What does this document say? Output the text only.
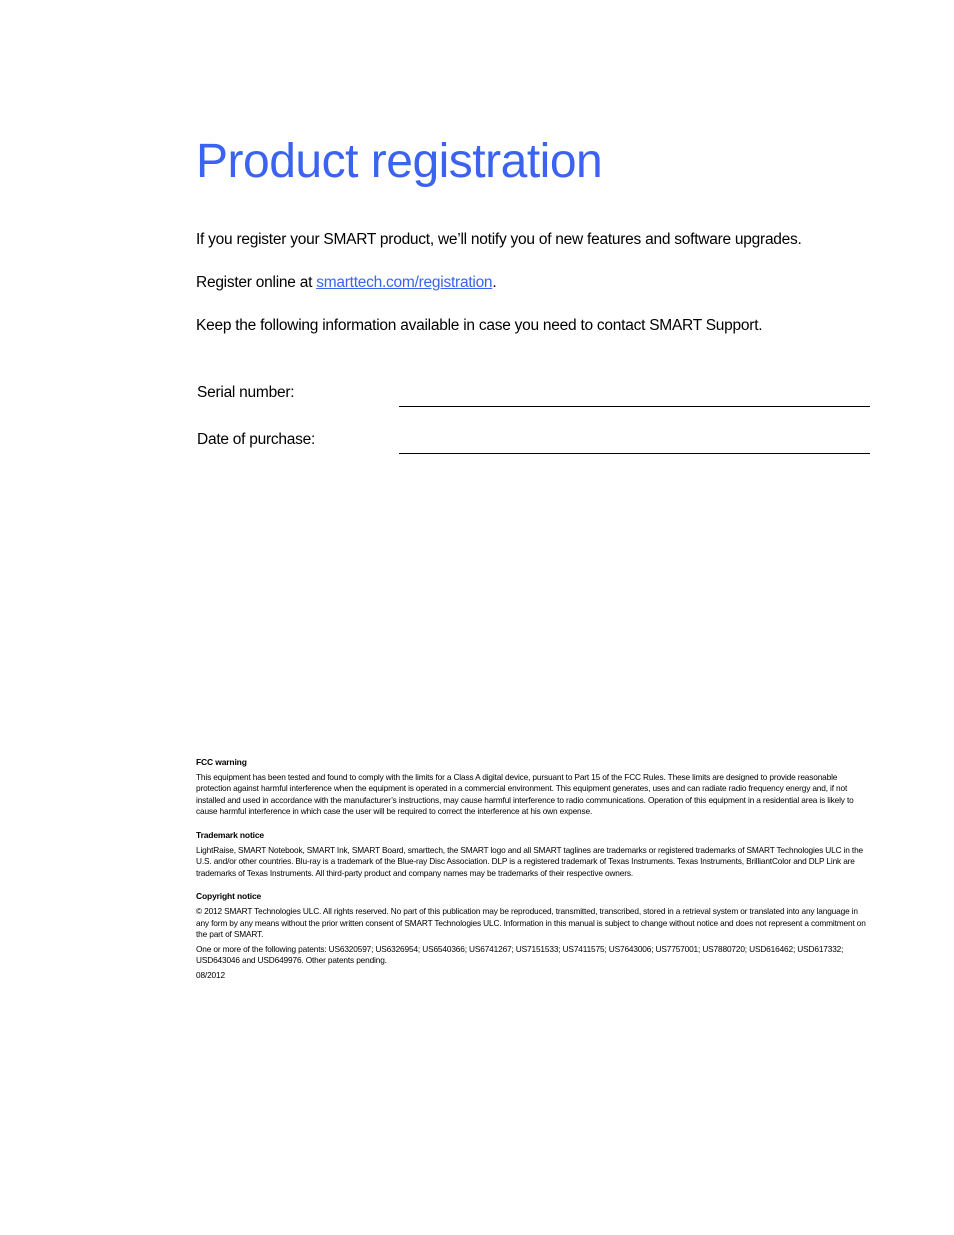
Product registration

If you register your SMART product, we’ll notify you of new features and software upgrades.

Register online at smarttech.com/registration.

Keep the following information available in case you need to contact SMART Support.

Serial number:
Date of purchase:

FCC warning

This equipment has been tested and found to comply with the limits for a Class A digital device, pursuant to Part 15 of the FCC Rules. These limits are designed to provide reasonable protection against harmful interference when the equipment is operated in a commercial environment. This equipment generates, uses and can radiate radio frequency energy and, if not installed and used in accordance with the manufacturer’s instructions, may cause harmful interference to radio communications. Operation of this equipment in a residential area is likely to cause harmful interference in which case the user will be required to correct the interference at his own expense.

Trademark notice

LightRaise, SMART Notebook, SMART Ink, SMART Board, smarttech, the SMART logo and all SMART taglines are trademarks or registered trademarks of SMART Technologies ULC in the U.S. and/or other countries. Blu-ray is a trademark of the Blue-ray Disc Association. DLP is a registered trademark of Texas Instruments. Texas Instruments, BrilliantColor and DLP Link are trademarks of Texas Instruments. All third-party product and company names may be trademarks of their respective owners.

Copyright notice

© 2012 SMART Technologies ULC. All rights reserved. No part of this publication may be reproduced, transmitted, transcribed, stored in a retrieval system or translated into any language in any form by any means without the prior written consent of SMART Technologies ULC. Information in this manual is subject to change without notice and does not represent a commitment on the part of SMART.

One or more of the following patents: US6320597; US6326954; US6540366; US6741267; US7151533; US7411575; US7643006; US7757001; US7880720; USD616462; USD617332; USD643046 and USD649976. Other patents pending.

08/2012
